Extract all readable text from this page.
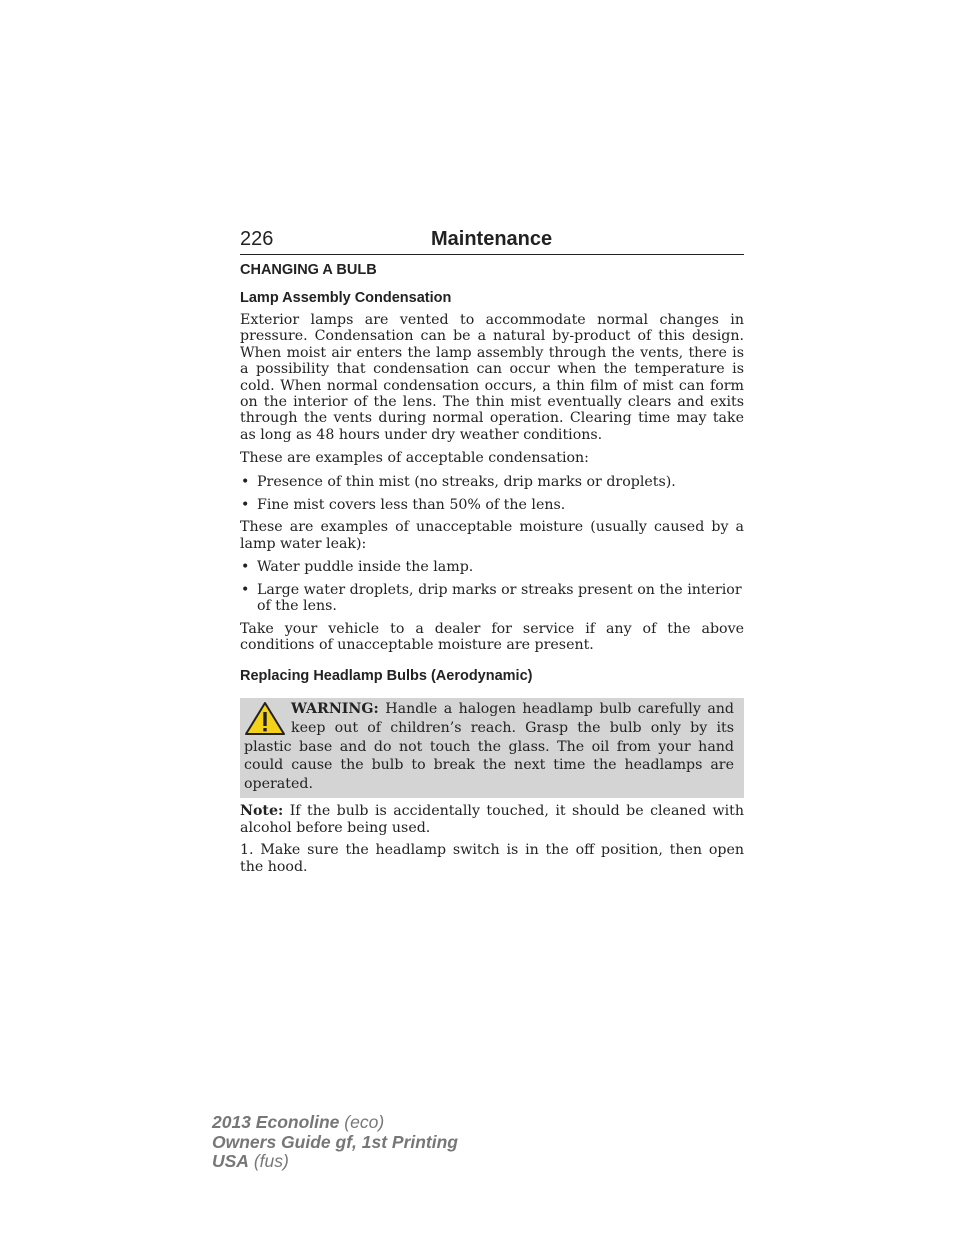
226	Maintenance
CHANGING A BULB
Lamp Assembly Condensation

Exterior lamps are vented to accommodate normal changes in pressure. Condensation can be a natural by-product of this design. When moist air enters the lamp assembly through the vents, there is a possibility that condensation can occur when the temperature is cold. When normal condensation occurs, a thin film of mist can form on the interior of the lens. The thin mist eventually clears and exits through the vents during normal operation. Clearing time may take as long as 48 hours under dry weather conditions.

These are examples of acceptable condensation:

• Presence of thin mist (no streaks, drip marks or droplets).
• Fine mist covers less than 50% of the lens.

These are examples of unacceptable moisture (usually caused by a lamp water leak):

• Water puddle inside the lamp.
• Large water droplets, drip marks or streaks present on the interior of the lens.

Take your vehicle to a dealer for service if any of the above conditions of unacceptable moisture are present.

Replacing Headlamp Bulbs (Aerodynamic)
WARNING: Handle a halogen headlamp bulb carefully and keep out of children’s reach. Grasp the bulb only by its plastic base and do not touch the glass. The oil from your hand could cause the bulb to break the next time the headlamps are operated.

Note: If the bulb is accidentally touched, it should be cleaned with alcohol before being used.

1. Make sure the headlamp switch is in the off position, then open the hood.

2013 Econoline (eco)
Owners Guide gf, 1st Printing
USA (fus)
